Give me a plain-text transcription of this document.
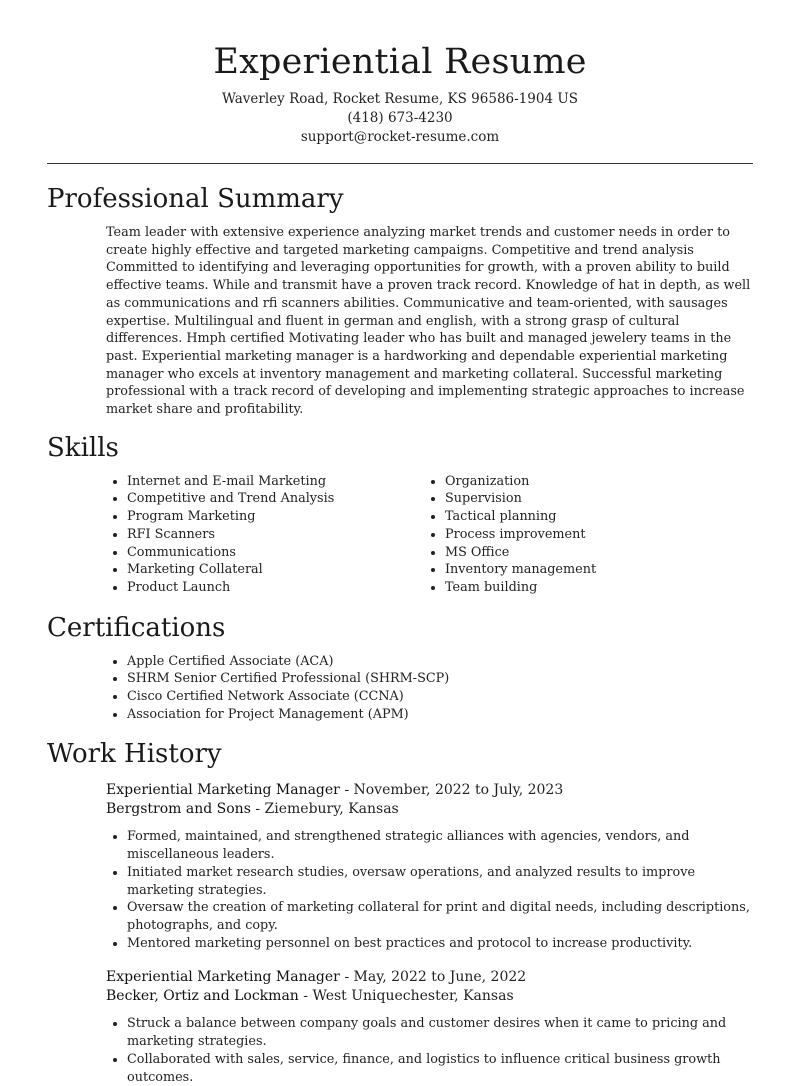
Experiential Resume
Waverley Road, Rocket Resume, KS 96586-1904 US
(418) 673-4230
support@rocket-resume.com
Professional Summary

Team leader with extensive experience analyzing market trends and customer needs in order to create highly effective and targeted marketing campaigns. Competitive and trend analysis Committed to identifying and leveraging opportunities for growth, with a proven ability to build effective teams. While and transmit have a proven track record. Knowledge of hat in depth, as well as communications and rfi scanners abilities. Communicative and team-oriented, with sausages expertise. Multilingual and fluent in german and english, with a strong grasp of cultural differences. Hmph certified Motivating leader who has built and managed jewelery teams in the past. Experiential marketing manager is a hardworking and dependable experiential marketing manager who excels at inventory management and marketing collateral. Successful marketing professional with a track record of developing and implementing strategic approaches to increase market share and profitability.

Skills
• Internet and E-mail Marketing
• Competitive and Trend Analysis
• Program Marketing
• RFI Scanners
• Communications
• Marketing Collateral
• Product Launch
• Organization
• Supervision
• Tactical planning
• Process improvement
• MS Office
• Inventory management
• Team building
Certifications
• Apple Certified Associate (ACA)
• SHRM Senior Certified Professional (SHRM-SCP)
• Cisco Certified Network Associate (CCNA)
• Association for Project Management (APM)
Work History
Experiential Marketing Manager - November, 2022 to July, 2023
Bergstrom and Sons - Ziemebury, Kansas
• Formed, maintained, and strengthened strategic alliances with agencies, vendors, and miscellaneous leaders.
• Initiated market research studies, oversaw operations, and analyzed results to improve marketing strategies.
• Oversaw the creation of marketing collateral for print and digital needs, including descriptions, photographs, and copy.
• Mentored marketing personnel on best practices and protocol to increase productivity.
Experiential Marketing Manager - May, 2022 to June, 2022
Becker, Ortiz and Lockman - West Uniquechester, Kansas
• Struck a balance between company goals and customer desires when it came to pricing and marketing strategies.
• Collaborated with sales, service, finance, and logistics to influence critical business growth outcomes.
